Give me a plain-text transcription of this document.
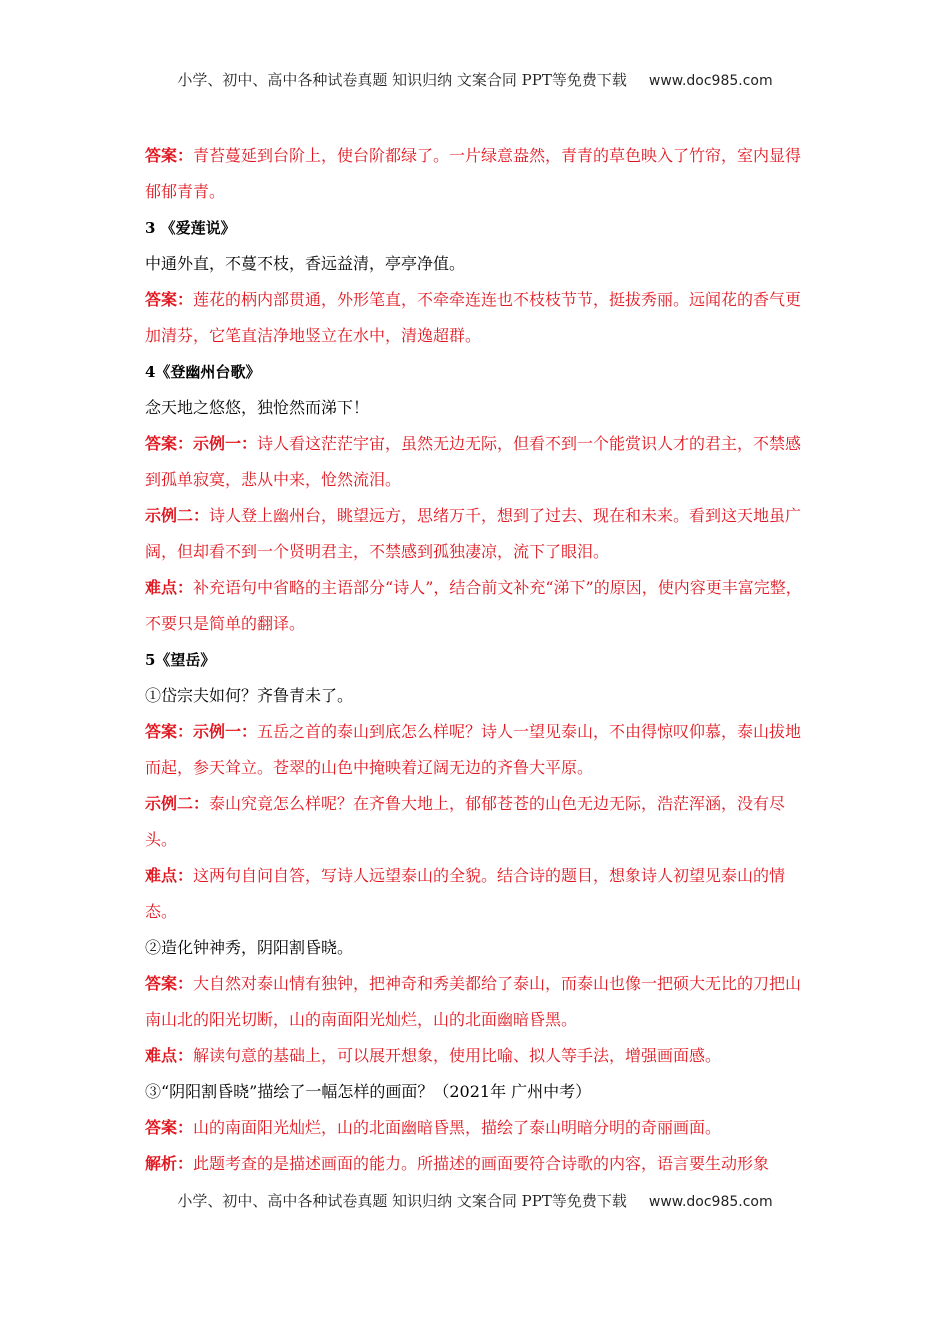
小学、初中、高中各种试卷真题 知识归纳 文案合同 PPT等免费下载 www.doc985.com

答案：青苔蔓延到台阶上，使台阶都绿了。一片绿意盎然，青青的草色映入了竹帘，室内显得郁郁青青。

3 《爱莲说》

中通外直，不蔓不枝，香远益清，亭亭净值。

答案：莲花的柄内部贯通，外形笔直，不牵牵连连也不枝枝节节，挺拔秀丽。远闻花的香气更加清芬，它笔直洁净地竖立在水中，清逸超群。

4《登幽州台歌》

念天地之悠悠，独怆然而涕下！

答案：示例一：诗人看这茫茫宇宙，虽然无边无际，但看不到一个能赏识人才的君主，不禁感到孤单寂寞，悲从中来，怆然流泪。

示例二：诗人登上幽州台，眺望远方，思绪万千，想到了过去、现在和未来。看到这天地虽广阔，但却看不到一个贤明君主，不禁感到孤独凄凉，流下了眼泪。

难点：补充语句中省略的主语部分“诗人”，结合前文补充“涕下”的原因，使内容更丰富完整，不要只是简单的翻译。

5《望岳》

①岱宗夫如何？齐鲁青未了。

答案：示例一：五岳之首的泰山到底怎么样呢？诗人一望见泰山，不由得惊叹仰慕，泰山拔地而起，参天耸立。苍翠的山色中掩映着辽阔无边的齐鲁大平原。

示例二：泰山究竟怎么样呢？在齐鲁大地上，郁郁苍苍的山色无边无际，浩茫浑涵，没有尽头。

难点：这两句自问自答，写诗人远望泰山的全貌。结合诗的题目，想象诗人初望见泰山的情态。

②造化钟神秀，阴阳割昏晓。

答案：大自然对泰山情有独钟，把神奇和秀美都给了泰山，而泰山也像一把硕大无比的刀把山南山北的阳光切断，山的南面阳光灿烂，山的北面幽暗昏黑。

难点：解读句意的基础上，可以展开想象，使用比喻、拟人等手法，增强画面感。

③“阴阳割昏晓”描绘了一幅怎样的画面？（2021年 广州中考）

答案：山的南面阳光灿烂，山的北面幽暗昏黑，描绘了泰山明暗分明的奇丽画面。

解析：此题考查的是描述画面的能力。所描述的画面要符合诗歌的内容，语言要生动形象

小学、初中、高中各种试卷真题 知识归纳 文案合同 PPT等免费下载 www.doc985.com
